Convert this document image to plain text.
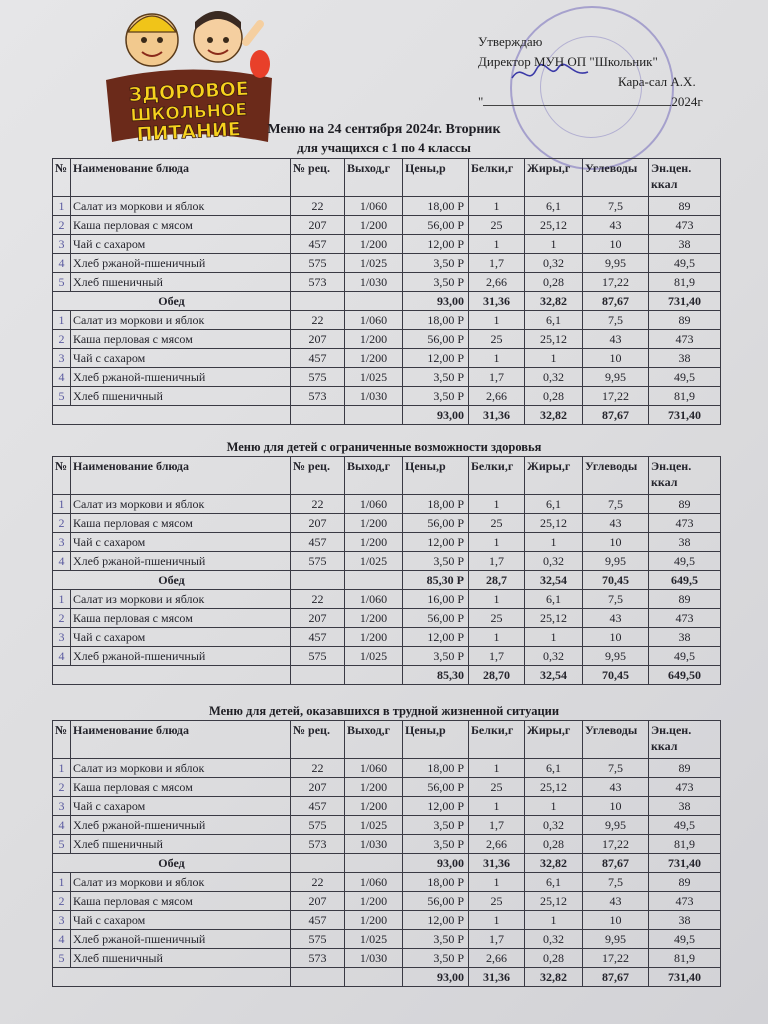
ЗДОРОВОЕ
ШКОЛЬНОЕ
ПИТАНИЕ
Утверждаю
Директор МУН ОП "Школьник"
Кара-сал А.Х.
"	2024г
Меню на 24 сентября 2024г. Вторник
для учащихся с 1 по 4 классы
№	Наименование блюда	№ рец.	Выход,г	Цены,р	Белки,г	Жиры,г	Углеводы	Эн.цен. ккал
1	Салат из моркови и яблок	22	1/060	18,00 Р	1	6,1	7,5	89
2	Каша перловая с мясом	207	1/200	56,00 Р	25	25,12	43	473
3	Чай с сахаром	457	1/200	12,00 Р	1	1	10	38
4	Хлеб ржаной-пшеничный	575	1/025	3,50 Р	1,7	0,32	9,95	49,5
5	Хлеб пшеничный	573	1/030	3,50 Р	2,66	0,28	17,22	81,9
Обед				93,00	31,36	32,82	87,67	731,40
1	Салат из моркови и яблок	22	1/060	18,00 Р	1	6,1	7,5	89
2	Каша перловая с мясом	207	1/200	56,00 Р	25	25,12	43	473
3	Чай с сахаром	457	1/200	12,00 Р	1	1	10	38
4	Хлеб ржаной-пшеничный	575	1/025	3,50 Р	1,7	0,32	9,95	49,5
5	Хлеб пшеничный	573	1/030	3,50 Р	2,66	0,28	17,22	81,9
				93,00	31,36	32,82	87,67	731,40
Меню для детей с ограниченные возможности здоровья
№	Наименование блюда	№ рец.	Выход,г	Цены,р	Белки,г	Жиры,г	Углеводы	Эн.цен. ккал
1	Салат из моркови и яблок	22	1/060	18,00 Р	1	6,1	7,5	89
2	Каша перловая с мясом	207	1/200	56,00 Р	25	25,12	43	473
3	Чай с сахаром	457	1/200	12,00 Р	1	1	10	38
4	Хлеб ржаной-пшеничный	575	1/025	3,50 Р	1,7	0,32	9,95	49,5
Обед				85,30 Р	28,7	32,54	70,45	649,5
1	Салат из моркови и яблок	22	1/060	16,00 Р	1	6,1	7,5	89
2	Каша перловая с мясом	207	1/200	56,00 Р	25	25,12	43	473
3	Чай с сахаром	457	1/200	12,00 Р	1	1	10	38
4	Хлеб ржаной-пшеничный	575	1/025	3,50 Р	1,7	0,32	9,95	49,5
				85,30	28,70	32,54	70,45	649,50
Меню для детей, оказавшихся в трудной жизненной ситуации
№	Наименование блюда	№ рец.	Выход,г	Цены,р	Белки,г	Жиры,г	Углеводы	Эн.цен. ккал
1	Салат из моркови и яблок	22	1/060	18,00 Р	1	6,1	7,5	89
2	Каша перловая с мясом	207	1/200	56,00 Р	25	25,12	43	473
3	Чай с сахаром	457	1/200	12,00 Р	1	1	10	38
4	Хлеб ржаной-пшеничный	575	1/025	3,50 Р	1,7	0,32	9,95	49,5
5	Хлеб пшеничный	573	1/030	3,50 Р	2,66	0,28	17,22	81,9
Обед				93,00	31,36	32,82	87,67	731,40
1	Салат из моркови и яблок	22	1/060	18,00 Р	1	6,1	7,5	89
2	Каша перловая с мясом	207	1/200	56,00 Р	25	25,12	43	473
3	Чай с сахаром	457	1/200	12,00 Р	1	1	10	38
4	Хлеб ржаной-пшеничный	575	1/025	3,50 Р	1,7	0,32	9,95	49,5
5	Хлеб пшеничный	573	1/030	3,50 Р	2,66	0,28	17,22	81,9
				93,00	31,36	32,82	87,67	731,40
